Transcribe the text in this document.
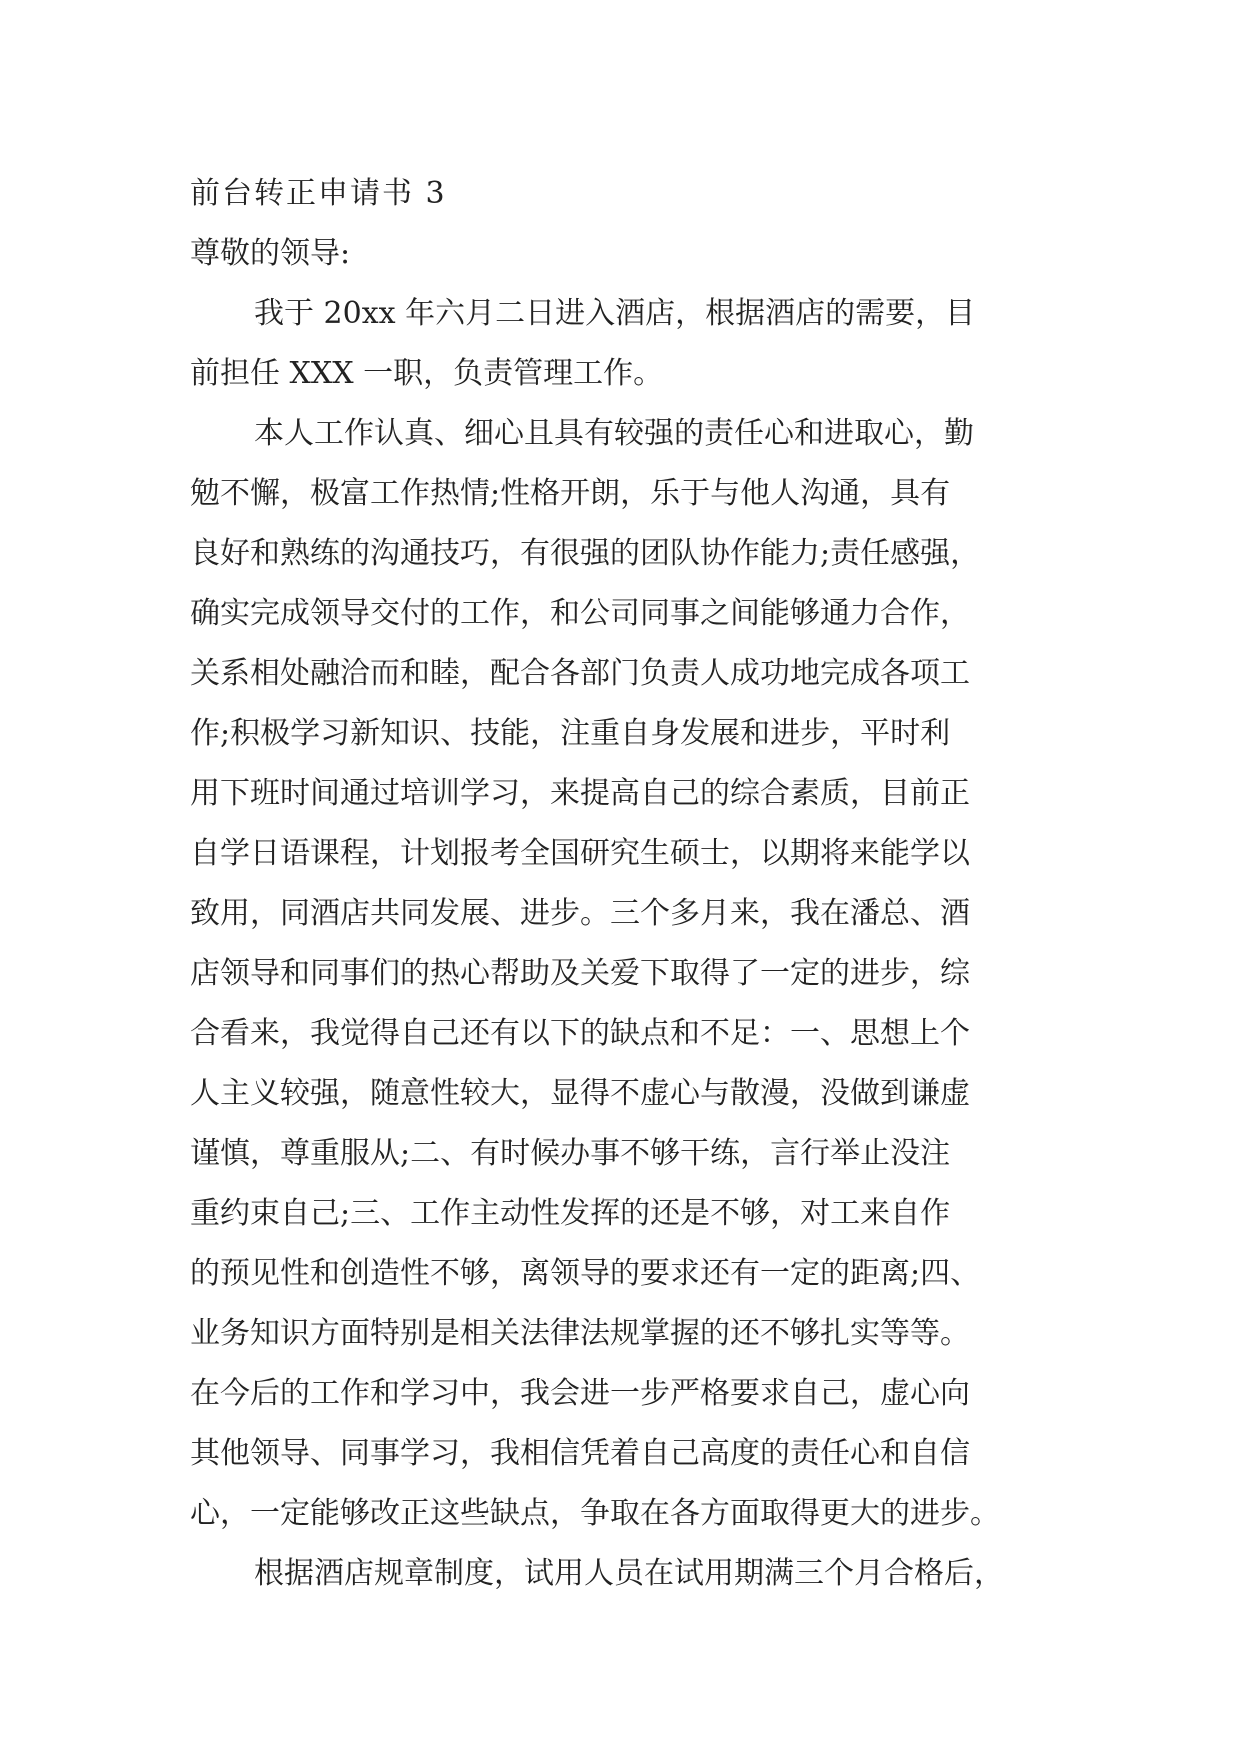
前台转正申请书 3
尊敬的领导:
我于 20xx 年六月二日进入酒店，根据酒店的需要，目
前担任 XXX 一职，负责管理工作。
本人工作认真、细心且具有较强的责任心和进取心，勤
勉不懈，极富工作热情;性格开朗，乐于与他人沟通，具有
良好和熟练的沟通技巧，有很强的团队协作能力;责任感强，
确实完成领导交付的工作，和公司同事之间能够通力合作，
关系相处融洽而和睦，配合各部门负责人成功地完成各项工
作;积极学习新知识、技能，注重自身发展和进步，平时利
用下班时间通过培训学习，来提高自己的综合素质，目前正
自学日语课程，计划报考全国研究生硕士，以期将来能学以
致用，同酒店共同发展、进步。三个多月来，我在潘总、酒
店领导和同事们的热心帮助及关爱下取得了一定的进步，综
合看来，我觉得自己还有以下的缺点和不足：一、思想上个
人主义较强，随意性较大，显得不虚心与散漫，没做到谦虚
谨慎，尊重服从;二、有时候办事不够干练，言行举止没注
重约束自己;三、工作主动性发挥的还是不够，对工来自作
的预见性和创造性不够，离领导的要求还有一定的距离;四、
业务知识方面特别是相关法律法规掌握的还不够扎实等等。
在今后的工作和学习中，我会进一步严格要求自己，虚心向
其他领导、同事学习，我相信凭着自己高度的责任心和自信
心，一定能够改正这些缺点，争取在各方面取得更大的进步。
根据酒店规章制度，试用人员在试用期满三个月合格后，
